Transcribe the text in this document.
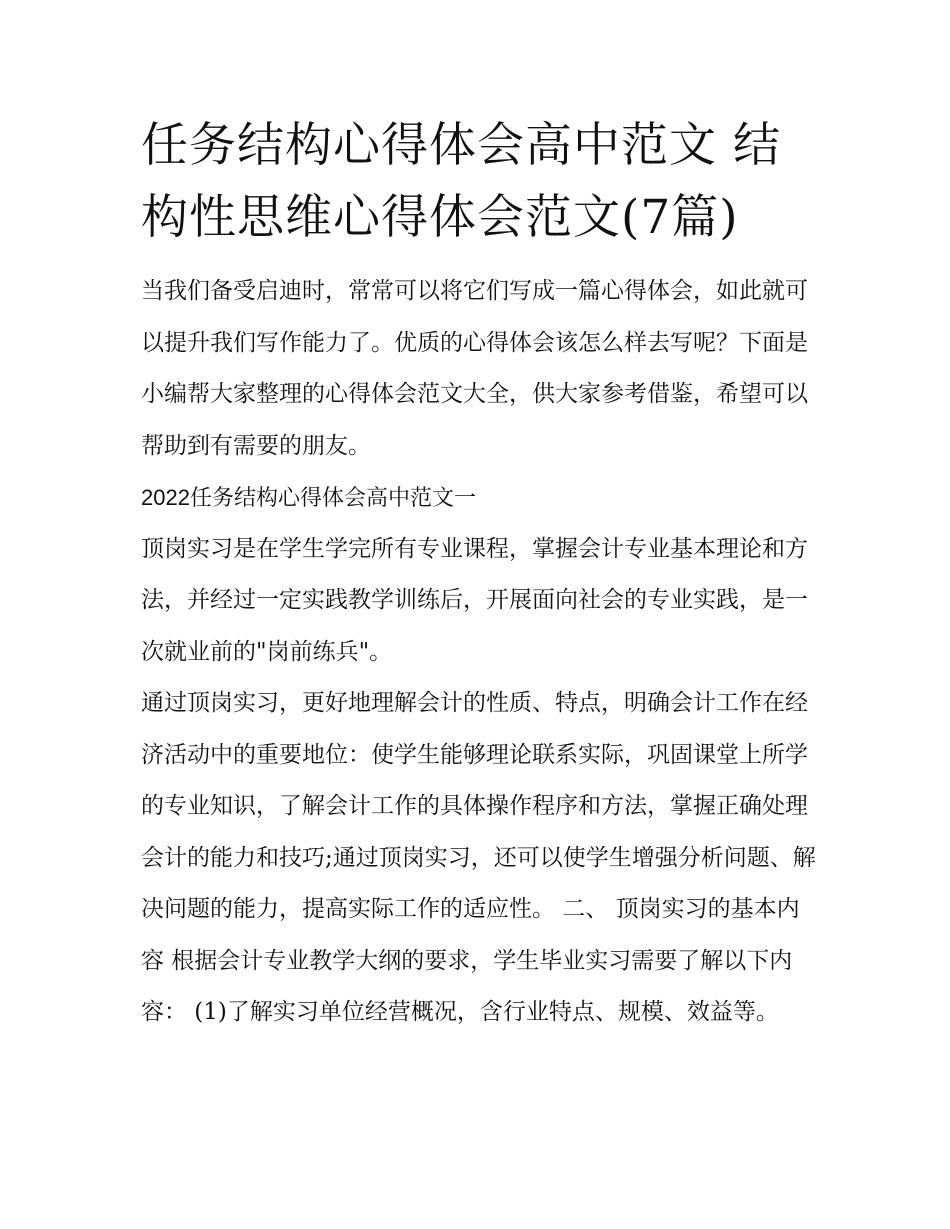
任务结构心得体会高中范文 结构性思维心得体会范文(7篇)

当我们备受启迪时，常常可以将它们写成一篇心得体会，如此就可以提升我们写作能力了。优质的心得体会该怎么样去写呢？下面是小编帮大家整理的心得体会范文大全，供大家参考借鉴，希望可以帮助到有需要的朋友。

2022任务结构心得体会高中范文一

顶岗实习是在学生学完所有专业课程，掌握会计专业基本理论和方法，并经过一定实践教学训练后，开展面向社会的专业实践，是一次就业前的"岗前练兵"。

通过顶岗实习，更好地理解会计的性质、特点，明确会计工作在经济活动中的重要地位：使学生能够理论联系实际，巩固课堂上所学的专业知识，了解会计工作的具体操作程序和方法，掌握正确处理会计的能力和技巧;通过顶岗实习，还可以使学生增强分析问题、解决问题的能力，提高实际工作的适应性。 二、 顶岗实习的基本内容 根据会计专业教学大纲的要求，学生毕业实习需要了解以下内容： (1)了解实习单位经营概况，含行业特点、规模、效益等。
